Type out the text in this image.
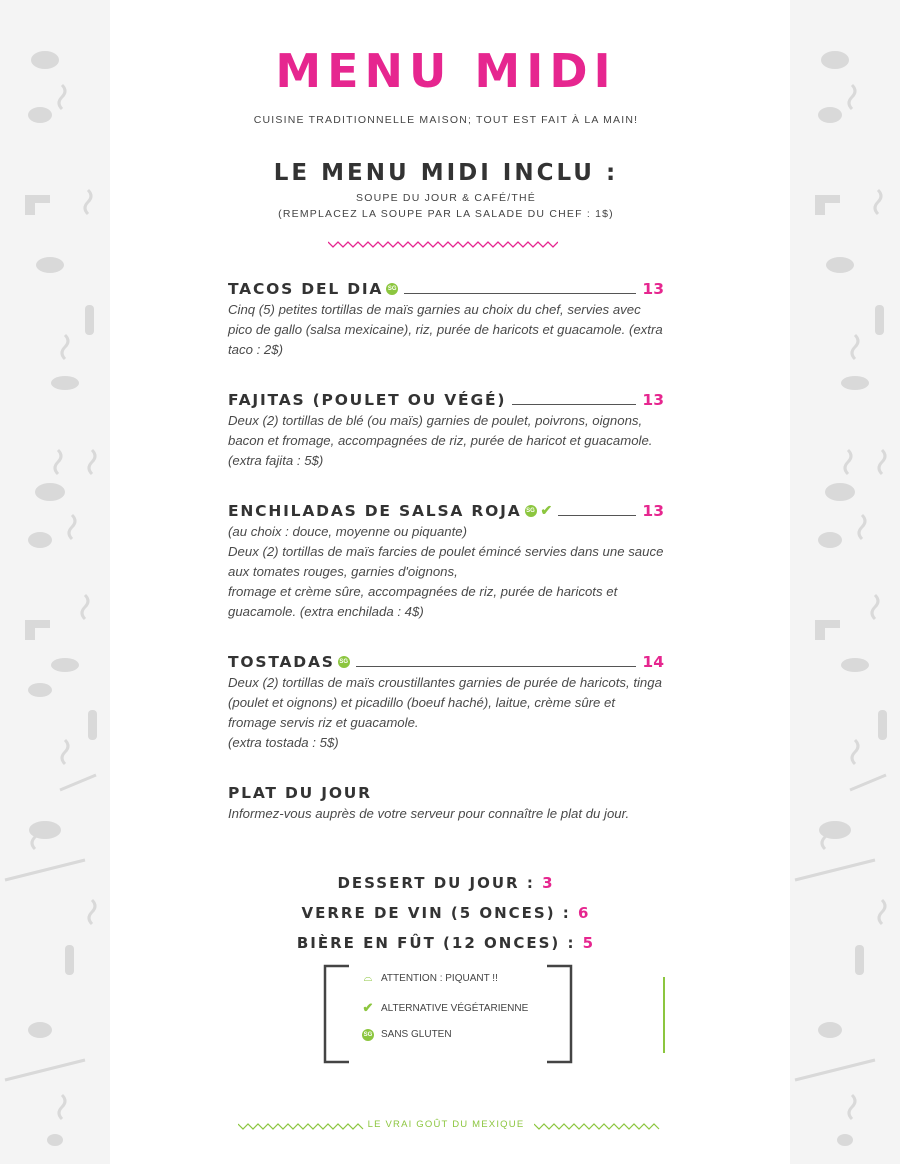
MENU MIDI
CUISINE TRADITIONNELLE MAISON; TOUT EST FAIT À LA MAIN!
LE MENU MIDI INCLU :
SOUPE DU JOUR & CAFÉ/THÉ
(REMPLACEZ LA SOUPE PAR LA SALADE DU CHEF : 1$)
TACOS DEL DIA SG	13
Cinq (5) petites tortillas de maïs garnies au choix du chef, servies avec pico de gallo (salsa mexicaine), riz, purée de haricots et guacamole. (extra taco : 2$)
FAJITAS (POULET OU VÉGÉ)	13
Deux (2) tortillas de blé (ou maïs) garnies de poulet, poivrons, oignons, bacon et fromage, accompagnées de riz, purée de haricot et guacamole. (extra fajita : 5$)
ENCHILADAS DE SALSA ROJA SG ✔	13
(au choix : douce, moyenne ou piquante)
Deux (2) tortillas de maïs farcies de poulet émincé servies dans une sauce aux tomates rouges, garnies d'oignons,
fromage et crème sûre, accompagnées de riz, purée de haricots et guacamole. (extra enchilada : 4$)
TOSTADAS SG	14
Deux (2) tortillas de maïs croustillantes garnies de purée de haricots, tinga (poulet et oignons) et picadillo (boeuf haché), laitue, crème sûre et fromage servis riz et guacamole.
(extra tostada : 5$)
PLAT DU JOUR
Informez-vous auprès de votre serveur pour connaître le plat du jour.
DESSERT DU JOUR : 3
VERRE DE VIN (5 ONCES) : 6
BIÈRE EN FÛT (12 ONCES) : 5
⌓ ATTENTION : PIQUANT !!
✔ ALTERNATIVE VÉGÉTARIENNE
SG SANS GLUTEN
LE VRAI GOÛT DU MEXIQUE
